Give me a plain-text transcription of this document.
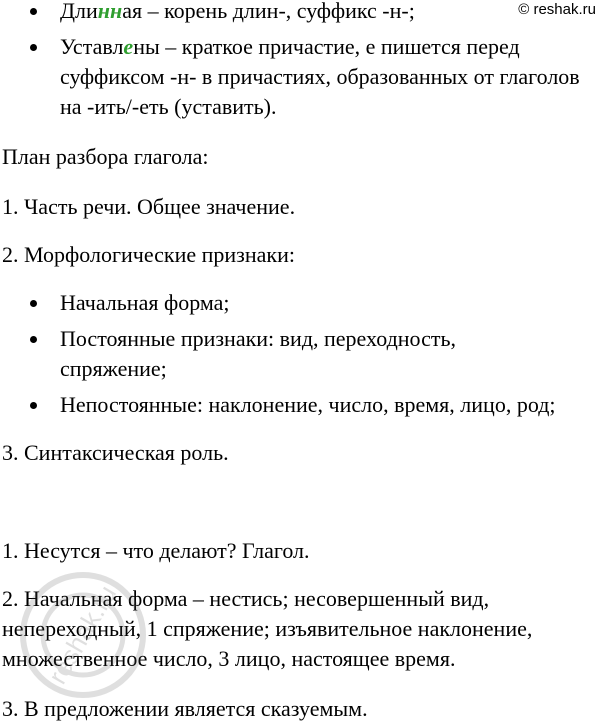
© reshak.ru
Длинная – корень длин-, суффикс -н-;
Уставлены – краткое причастие, е пишется перед суффиксом -н- в причастиях, образованных от глаголов на -ить/-еть (уставить).

План разбора глагола:

1. Часть речи. Общее значение.

2. Морфологические признаки:

Начальная форма;
Постоянные признаки: вид, переходность, спряжение;
Непостоянные: наклонение, число, время, лицо, род;

3. Синтаксическая роль.

1. Несутся – что делают? Глагол.

2. Начальная форма – нестись; несовершенный вид, непереходный, 1 спряжение; изъявительное наклонение, множественное число, 3 лицо, настоящее время.

3. В предложении является сказуемым.

reshak.ru
